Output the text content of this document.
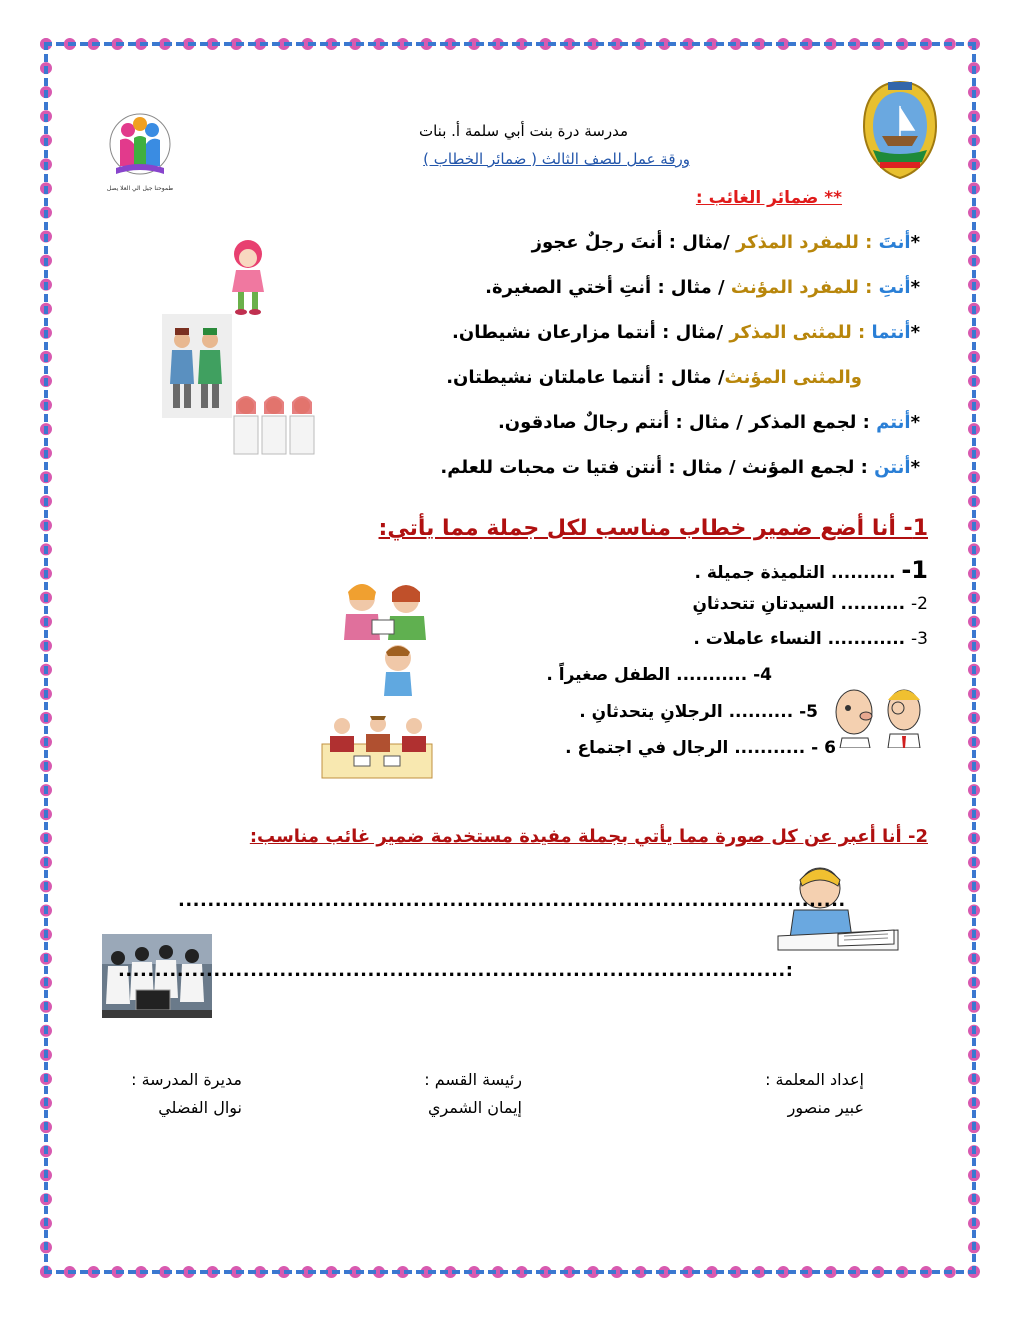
طموحنا جيل الي العلا يصل
مدرسة درة بنت أبي سلمة أ. بنات
ورقة عمل للصف الثالث ( ضمائر الخطاب )
** ضمائر الغائب :
*أنتَ : للمفرد المذكر /مثال : أنتَ رجلٌ عجوز
*أنتِ : للمفرد المؤنث / مثال : أنتِ أختي الصغيرة.
*أنتما : للمثنى المذكر /مثال : أنتما مزارعان نشيطان.
والمثنى المؤنث/ مثال : أنتما عاملتان نشيطتان.
*أنتم : لجمع المذكر / مثال : أنتم رجالٌ صادقون.
*أنتن : لجمع المؤنث / مثال : أنتن فتيا ت محبات للعلم.
1- أنا أضع ضمير خطاب مناسب لكل جملة مما يأتي:
1- .......... التلميذة جميلة .
2- .......... السيدتانِ تتحدثانِ
3- ............ النساء عاملات .
4- ........... الطفل صغيراً .
5- .......... الرجلانِ يتحدثانِ .
6 - ........... الرجال في اجتماع .
2- أنا أعبر عن كل صورة مما يأتي بجملة مفيدة مستخدمة ضمير غائب مناسب:
...........................................................................................
...........................................................................................:
إعداد المعلمة :
عبير منصور
رئيسة القسم :
إيمان الشمري
مديرة المدرسة :
نوال الفضلي
